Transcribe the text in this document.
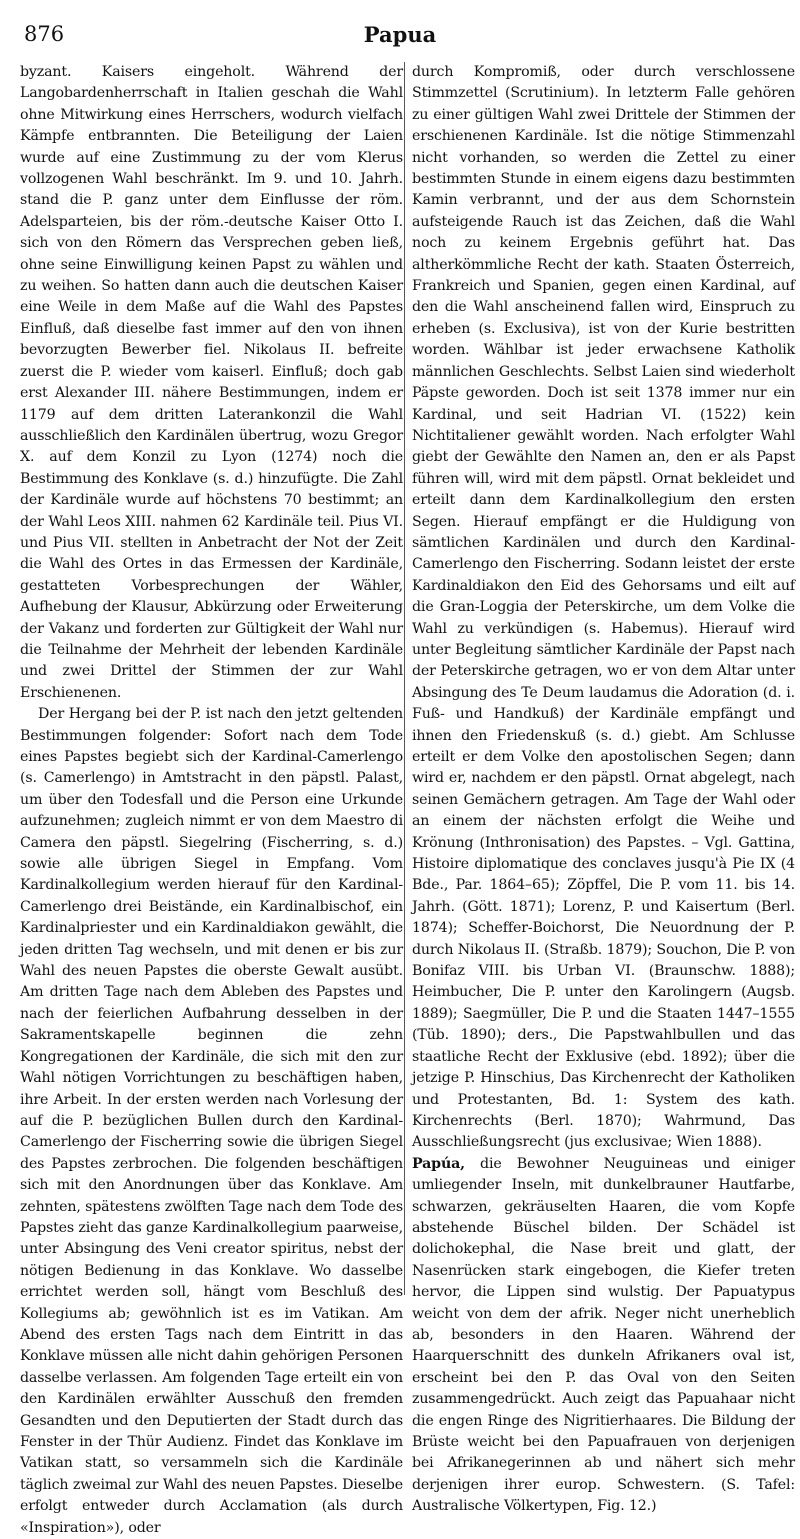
876	Papua

byzant. Kaisers eingeholt. Während der Langobardenherrschaft in Italien geschah die Wahl ohne Mitwirkung eines Herrschers, wodurch vielfach Kämpfe entbrannten. Die Beteiligung der Laien wurde auf eine Zustimmung zu der vom Klerus vollzogenen Wahl beschränkt. Im 9. und 10. Jahrh. stand die P. ganz unter dem Einflusse der röm. Adelsparteien, bis der röm.-deutsche Kaiser Otto I. sich von den Römern das Versprechen geben ließ, ohne seine Einwilligung keinen Papst zu wählen und zu weihen. So hatten dann auch die deutschen Kaiser eine Weile in dem Maße auf die Wahl des Papstes Einfluß, daß dieselbe fast immer auf den von ihnen bevorzugten Bewerber fiel. Nikolaus II. befreite zuerst die P. wieder vom kaiserl. Einfluß; doch gab erst Alexander III. nähere Bestimmungen, indem er 1179 auf dem dritten Laterankonzil die Wahl ausschließlich den Kardinälen übertrug, wozu Gregor X. auf dem Konzil zu Lyon (1274) noch die Bestimmung des Konklave (s. d.) hinzufügte. Die Zahl der Kardinäle wurde auf höchstens 70 bestimmt; an der Wahl Leos XIII. nahmen 62 Kardinäle teil. Pius VI. und Pius VII. stellten in Anbetracht der Not der Zeit die Wahl des Ortes in das Ermessen der Kardinäle, gestatteten Vorbesprechungen der Wähler, Aufhebung der Klausur, Abkürzung oder Erweiterung der Vakanz und forderten zur Gültigkeit der Wahl nur die Teilnahme der Mehrheit der lebenden Kardinäle und zwei Drittel der Stimmen der zur Wahl Erschienenen.

Der Hergang bei der P. ist nach den jetzt geltenden Bestimmungen folgender: Sofort nach dem Tode eines Papstes begiebt sich der Kardinal-Camerlengo (s. Camerlengo) in Amtstracht in den päpstl. Palast, um über den Todesfall und die Person eine Urkunde aufzunehmen; zugleich nimmt er von dem Maestro di Camera den päpstl. Siegelring (Fischerring, s. d.) sowie alle übrigen Siegel in Empfang. Vom Kardinalkollegium werden hierauf für den Kardinal-Camerlengo drei Beistände, ein Kardinalbischof, ein Kardinalpriester und ein Kardinaldiakon gewählt, die jeden dritten Tag wechseln, und mit denen er bis zur Wahl des neuen Papstes die oberste Gewalt ausübt. Am dritten Tage nach dem Ableben des Papstes und nach der feierlichen Aufbahrung desselben in der Sakramentskapelle beginnen die zehn Kongregationen der Kardinäle, die sich mit den zur Wahl nötigen Vorrichtungen zu beschäftigen haben, ihre Arbeit. In der ersten werden nach Vorlesung der auf die P. bezüglichen Bullen durch den Kardinal-Camerlengo der Fischerring sowie die übrigen Siegel des Papstes zerbrochen. Die folgenden beschäftigen sich mit den Anordnungen über das Konklave. Am zehnten, spätestens zwölften Tage nach dem Tode des Papstes zieht das ganze Kardinalkollegium paarweise, unter Absingung des Veni creator spiritus, nebst der nötigen Bedienung in das Konklave. Wo dasselbe errichtet werden soll, hängt vom Beschluß des Kollegiums ab; gewöhnlich ist es im Vatikan. Am Abend des ersten Tags nach dem Eintritt in das Konklave müssen alle nicht dahin gehörigen Personen dasselbe verlassen. Am folgenden Tage erteilt ein von den Kardinälen erwählter Ausschuß den fremden Gesandten und den Deputierten der Stadt durch das Fenster in der Thür Audienz. Findet das Konklave im Vatikan statt, so versammeln sich die Kardinäle täglich zweimal zur Wahl des neuen Papstes. Dieselbe erfolgt entweder durch Acclamation (als durch «Inspiration»), oder

durch Kompromiß, oder durch verschlossene Stimmzettel (Scrutinium). In letzterm Falle gehören zu einer gültigen Wahl zwei Drittele der Stimmen der erschienenen Kardinäle. Ist die nötige Stimmenzahl nicht vorhanden, so werden die Zettel zu einer bestimmten Stunde in einem eigens dazu bestimmten Kamin verbrannt, und der aus dem Schornstein aufsteigende Rauch ist das Zeichen, daß die Wahl noch zu keinem Ergebnis geführt hat. Das altherkömmliche Recht der kath. Staaten Österreich, Frankreich und Spanien, gegen einen Kardinal, auf den die Wahl anscheinend fallen wird, Einspruch zu erheben (s. Exclusiva), ist von der Kurie bestritten worden. Wählbar ist jeder erwachsene Katholik männlichen Geschlechts. Selbst Laien sind wiederholt Päpste geworden. Doch ist seit 1378 immer nur ein Kardinal, und seit Hadrian VI. (1522) kein Nichtitaliener gewählt worden. Nach erfolgter Wahl giebt der Gewählte den Namen an, den er als Papst führen will, wird mit dem päpstl. Ornat bekleidet und erteilt dann dem Kardinalkollegium den ersten Segen. Hierauf empfängt er die Huldigung von sämtlichen Kardinälen und durch den Kardinal-Camerlengo den Fischerring. Sodann leistet der erste Kardinaldiakon den Eid des Gehorsams und eilt auf die Gran-Loggia der Peterskirche, um dem Volke die Wahl zu verkündigen (s. Habemus). Hierauf wird unter Begleitung sämtlicher Kardinäle der Papst nach der Peterskirche getragen, wo er von dem Altar unter Absingung des Te Deum laudamus die Adoration (d. i. Fuß- und Handkuß) der Kardinäle empfängt und ihnen den Friedenskuß (s. d.) giebt. Am Schlusse erteilt er dem Volke den apostolischen Segen; dann wird er, nachdem er den päpstl. Ornat abgelegt, nach seinen Gemächern getragen. Am Tage der Wahl oder an einem der nächsten erfolgt die Weihe und Krönung (Inthronisation) des Papstes. – Vgl. Gattina, Histoire diplomatique des conclaves jusqu'à Pie IX (4 Bde., Par. 1864–65); Zöpffel, Die P. vom 11. bis 14. Jahrh. (Gött. 1871); Lorenz, P. und Kaisertum (Berl. 1874); Scheffer-Boichorst, Die Neuordnung der P. durch Nikolaus II. (Straßb. 1879); Souchon, Die P. von Bonifaz VIII. bis Urban VI. (Braunschw. 1888); Heimbucher, Die P. unter den Karolingern (Augsb. 1889); Saegmüller, Die P. und die Staaten 1447–1555 (Tüb. 1890); ders., Die Papstwahlbullen und das staatliche Recht der Exklusive (ebd. 1892); über die jetzige P. Hinschius, Das Kirchenrecht der Katholiken und Protestanten, Bd. 1: System des kath. Kirchenrechts (Berl. 1870); Wahrmund, Das Ausschließungsrecht (jus exclusivae; Wien 1888).

Papúa, die Bewohner Neuguineas und einiger umliegender Inseln, mit dunkelbrauner Hautfarbe, schwarzen, gekräuselten Haaren, die vom Kopfe abstehende Büschel bilden. Der Schädel ist dolichokephal, die Nase breit und glatt, der Nasenrücken stark eingebogen, die Kiefer treten hervor, die Lippen sind wulstig. Der Papuatypus weicht von dem der afrik. Neger nicht unerheblich ab, besonders in den Haaren. Während der Haarquerschnitt des dunkeln Afrikaners oval ist, erscheint bei den P. das Oval von den Seiten zusammengedrückt. Auch zeigt das Papuahaar nicht die engen Ringe des Nigritierhaares. Die Bildung der Brüste weicht bei den Papuafrauen von derjenigen bei Afrikanegerinnen ab und nähert sich mehr derjenigen ihrer europ. Schwestern. (S. Tafel: Australische Völkertypen, Fig. 12.)
